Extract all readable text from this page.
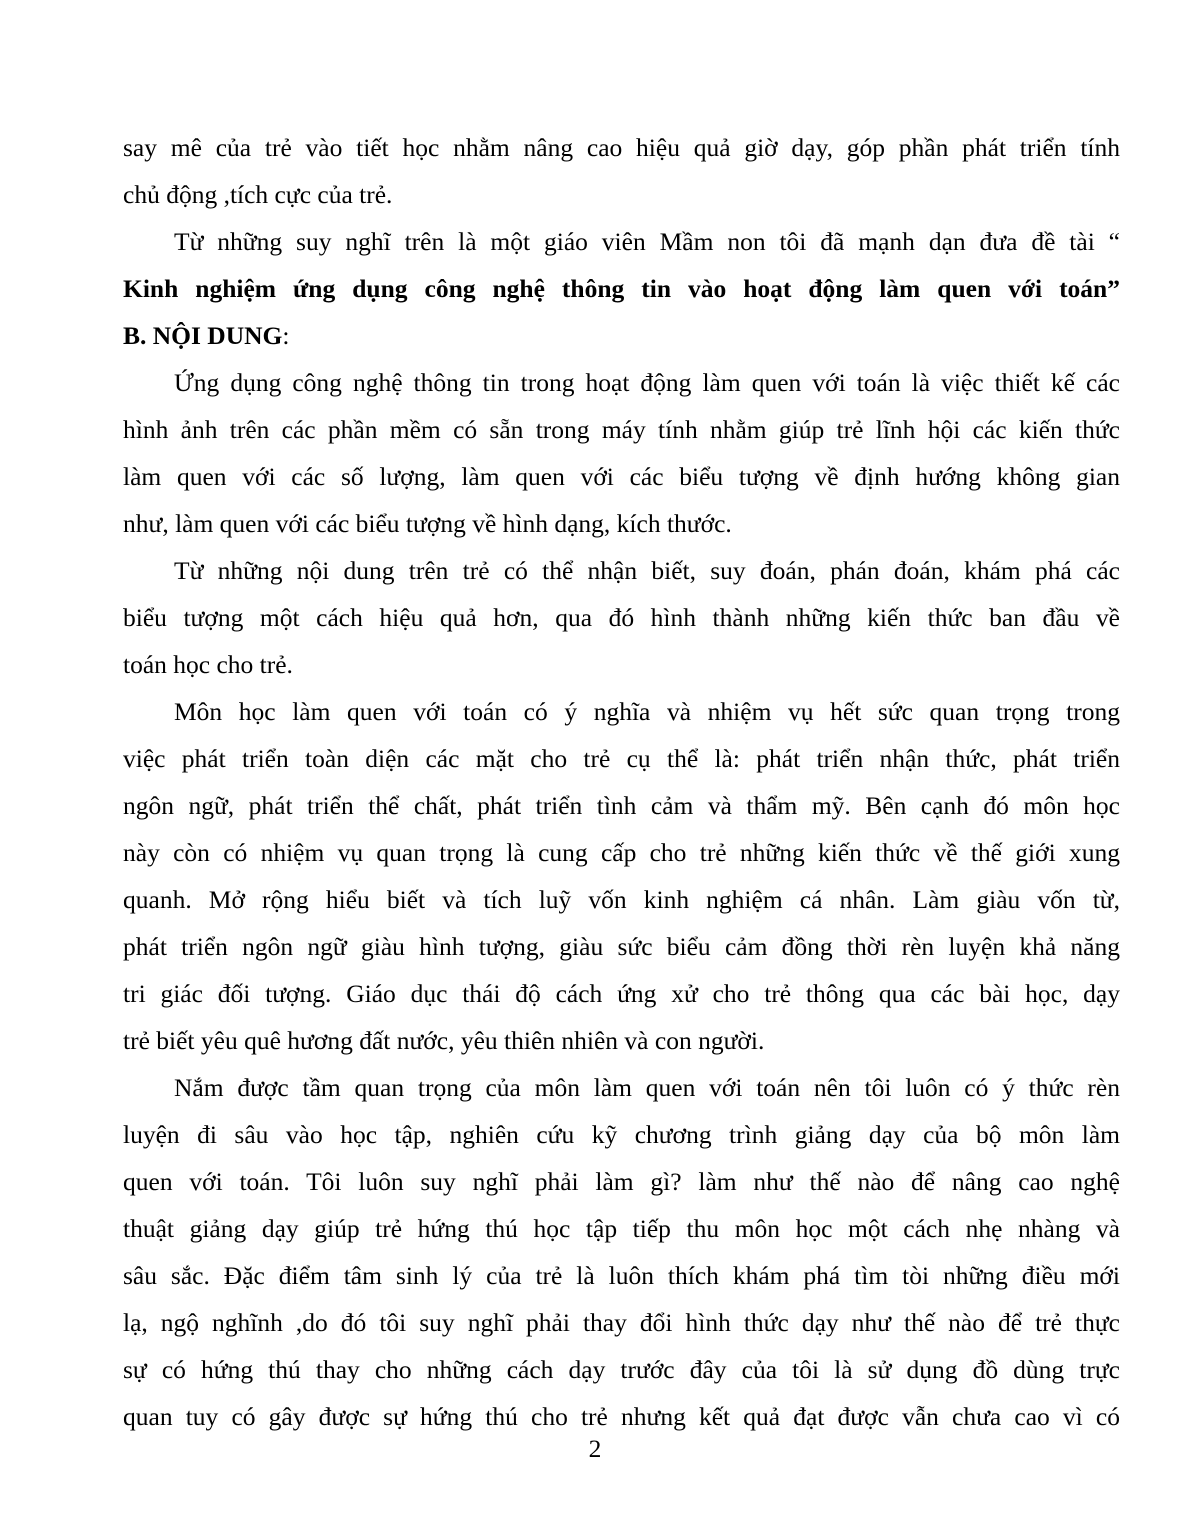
say mê của trẻ vào tiết học nhằm nâng cao hiệu quả giờ dạy, góp phần phát triển tính
chủ động ,tích cực của trẻ.
Từ những suy nghĩ trên là một giáo viên Mầm non tôi đã mạnh dạn đưa đề tài “
Kinh nghiệm ứng dụng công nghệ thông tin vào hoạt động làm quen với toán”
B. NỘI DUNG:
Ứng dụng công nghệ thông tin trong hoạt động làm quen với toán là việc thiết kế các
hình ảnh trên các phần mềm có sẵn trong máy tính nhằm giúp trẻ lĩnh hội các kiến thức
làm quen với các số lượng, làm quen với các biểu tượng về định hướng không gian
như, làm quen với các biểu tượng về hình dạng, kích thước.
Từ những nội dung trên trẻ có thể nhận biết, suy đoán, phán đoán, khám phá các
biểu tượng một cách hiệu quả hơn, qua đó hình thành những kiến thức ban đầu về
toán học cho trẻ.
Môn học làm quen với toán có ý nghĩa và nhiệm vụ hết sức quan trọng trong
việc phát triển toàn diện các mặt cho trẻ cụ thể là: phát triển nhận thức, phát triển
ngôn ngữ, phát triển thể chất, phát triển tình cảm và thẩm mỹ. Bên cạnh đó môn học
này còn có nhiệm vụ quan trọng là cung cấp cho trẻ những kiến thức về thế giới xung
quanh. Mở rộng hiểu biết và tích luỹ vốn kinh nghiệm cá nhân. Làm giàu vốn từ,
phát triển ngôn ngữ giàu hình tượng, giàu sức biểu cảm đồng thời rèn luyện khả năng
tri giác đối tượng. Giáo dục thái độ cách ứng xử cho trẻ thông qua các bài học, dạy
trẻ biết yêu quê hương đất nước, yêu thiên nhiên và con người.
Nắm được tầm quan trọng của môn làm quen với toán nên tôi luôn có ý thức rèn
luyện đi sâu vào học tập, nghiên cứu kỹ chương trình giảng dạy của bộ môn làm
quen với toán. Tôi luôn suy nghĩ phải làm gì? làm như thế nào để nâng cao nghệ
thuật giảng dạy giúp trẻ hứng thú học tập tiếp thu môn học một cách nhẹ nhàng và
sâu sắc. Đặc điểm tâm sinh lý của trẻ là luôn thích khám phá tìm tòi những điều mới
lạ, ngộ nghĩnh ,do đó tôi suy nghĩ phải thay đổi hình thức dạy như thế nào để trẻ thực
sự có hứng thú thay cho những cách dạy trước đây của tôi là sử dụng đồ dùng trực
quan tuy có gây được sự hứng thú cho trẻ nhưng kết quả đạt được vẫn chưa cao vì có
2
